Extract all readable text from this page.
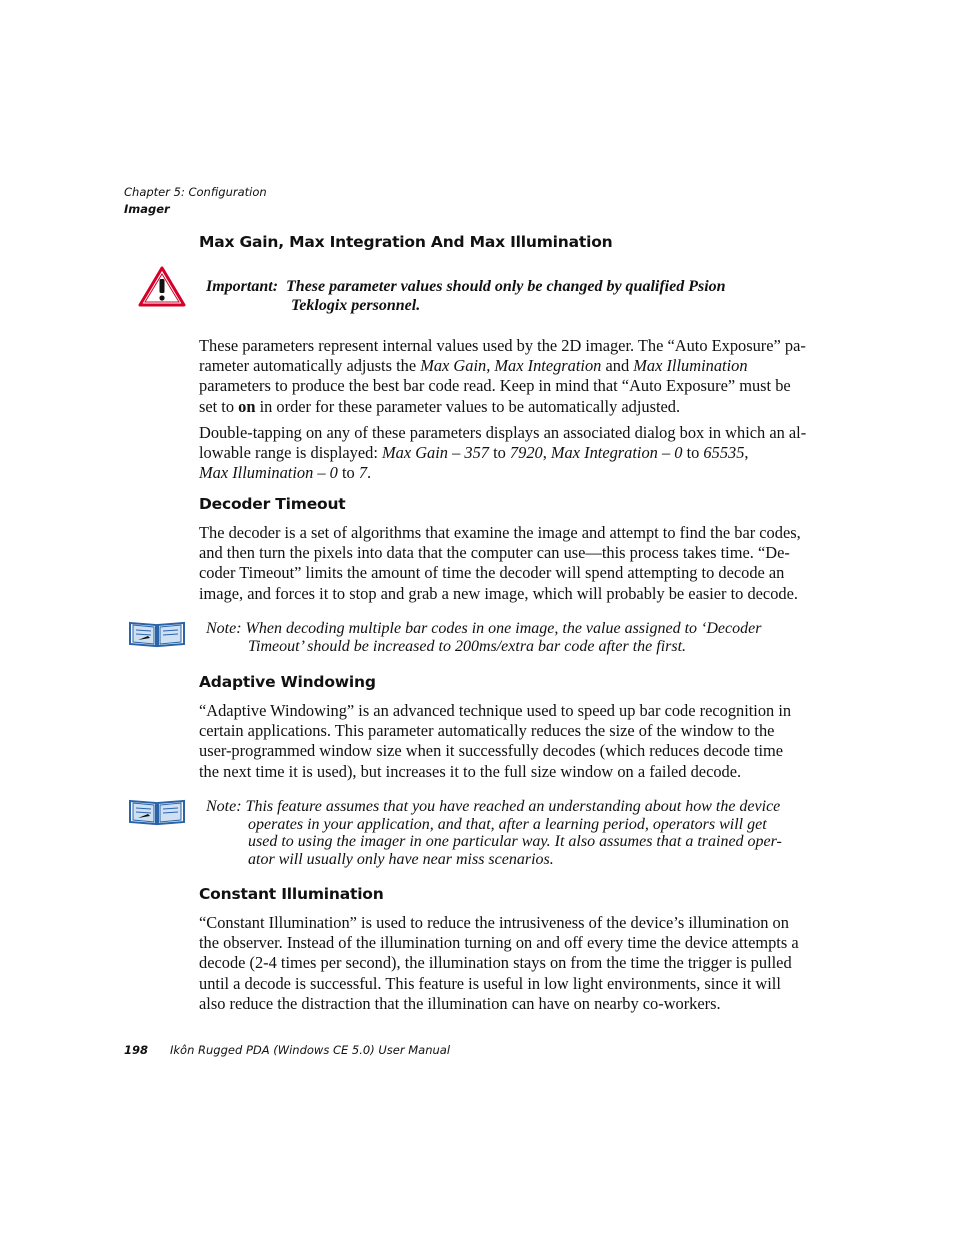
Chapter 5: Configuration
Imager
Max Gain, Max Integration And Max Illumination
Important: These parameter values should only be changed by qualified Psion
Teklogix personnel.
These parameters represent internal values used by the 2D imager. The “Auto Exposure” pa-
rameter automatically adjusts the Max Gain, Max Integration and Max Illumination
parameters to produce the best bar code read. Keep in mind that “Auto Exposure” must be
set to on in order for these parameter values to be automatically adjusted.
Double-tapping on any of these parameters displays an associated dialog box in which an al-
lowable range is displayed: Max Gain – 357 to 7920, Max Integration – 0 to 65535,
Max Illumination – 0 to 7.
Decoder Timeout
The decoder is a set of algorithms that examine the image and attempt to find the bar codes,
and then turn the pixels into data that the computer can use—this process takes time. “De-
coder Timeout” limits the amount of time the decoder will spend attempting to decode an
image, and forces it to stop and grab a new image, which will probably be easier to decode.
Note: When decoding multiple bar codes in one image, the value assigned to ‘Decoder
Timeout’ should be increased to 200ms/extra bar code after the first.
Adaptive Windowing
“Adaptive Windowing” is an advanced technique used to speed up bar code recognition in
certain applications. This parameter automatically reduces the size of the window to the
user-programmed window size when it successfully decodes (which reduces decode time
the next time it is used), but increases it to the full size window on a failed decode.
Note: This feature assumes that you have reached an understanding about how the device
operates in your application, and that, after a learning period, operators will get
used to using the imager in one particular way. It also assumes that a trained oper-
ator will usually only have near miss scenarios.
Constant Illumination
“Constant Illumination” is used to reduce the intrusiveness of the device’s illumination on
the observer. Instead of the illumination turning on and off every time the device attempts a
decode (2-4 times per second), the illumination stays on from the time the trigger is pulled
until a decode is successful. This feature is useful in low light environments, since it will
also reduce the distraction that the illumination can have on nearby co-workers.
198 Ikôn Rugged PDA (Windows CE 5.0) User Manual
